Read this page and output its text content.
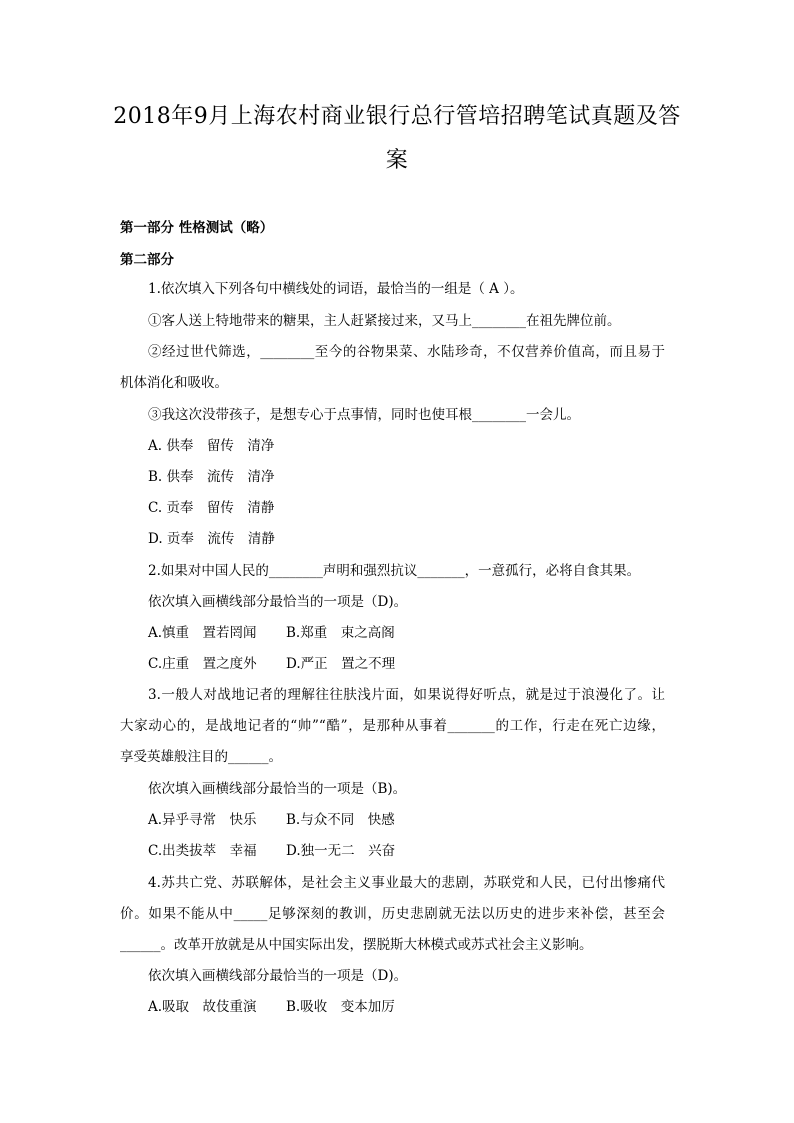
2018年9月上海农村商业银行总行管培招聘笔试真题及答
案
第一部分 性格测试（略）
第二部分
1.依次填入下列各句中横线处的词语，最恰当的一组是（ A ）。
①客人送上特地带来的糖果，主人赶紧接过来，又马上________在祖先牌位前。
②经过世代筛选，________至今的谷物果菜、水陆珍奇，不仅营养价值高，而且易于
机体消化和吸收。
③我这次没带孩子，是想专心于点事情，同时也使耳根________一会儿。
A. 供奉　留传　清净
B. 供奉　流传　清净
C. 贡奉　留传　清静
D. 贡奉　流传　清静
2.如果对中国人民的________声明和强烈抗议_______，一意孤行，必将自食其果。
依次填入画横线部分最恰当的一项是（D)。
A.慎重　置若罔闻 B.郑重　束之高阁
C.庄重　置之度外 D.严正　置之不理
3.一般人对战地记者的理解往往肤浅片面，如果说得好听点，就是过于浪漫化了。让
大家动心的，是战地记者的“帅”“酷”，是那种从事着_______的工作，行走在死亡边缘，
享受英雄般注目的______。
依次填入画横线部分最恰当的一项是（B)。
A.异乎寻常　快乐 B.与众不同　快感
C.出类拔萃　幸福 D.独一无二　兴奋
4.苏共亡党、苏联解体，是社会主义事业最大的悲剧，苏联党和人民，已付出惨痛代
价。如果不能从中_____足够深刻的教训，历史悲剧就无法以历史的进步来补偿，甚至会
______。改革开放就是从中国实际出发，摆脱斯大林模式或苏式社会主义影响。
依次填入画横线部分最恰当的一项是（D)。
A.吸取　故伎重演 B.吸收　变本加厉
